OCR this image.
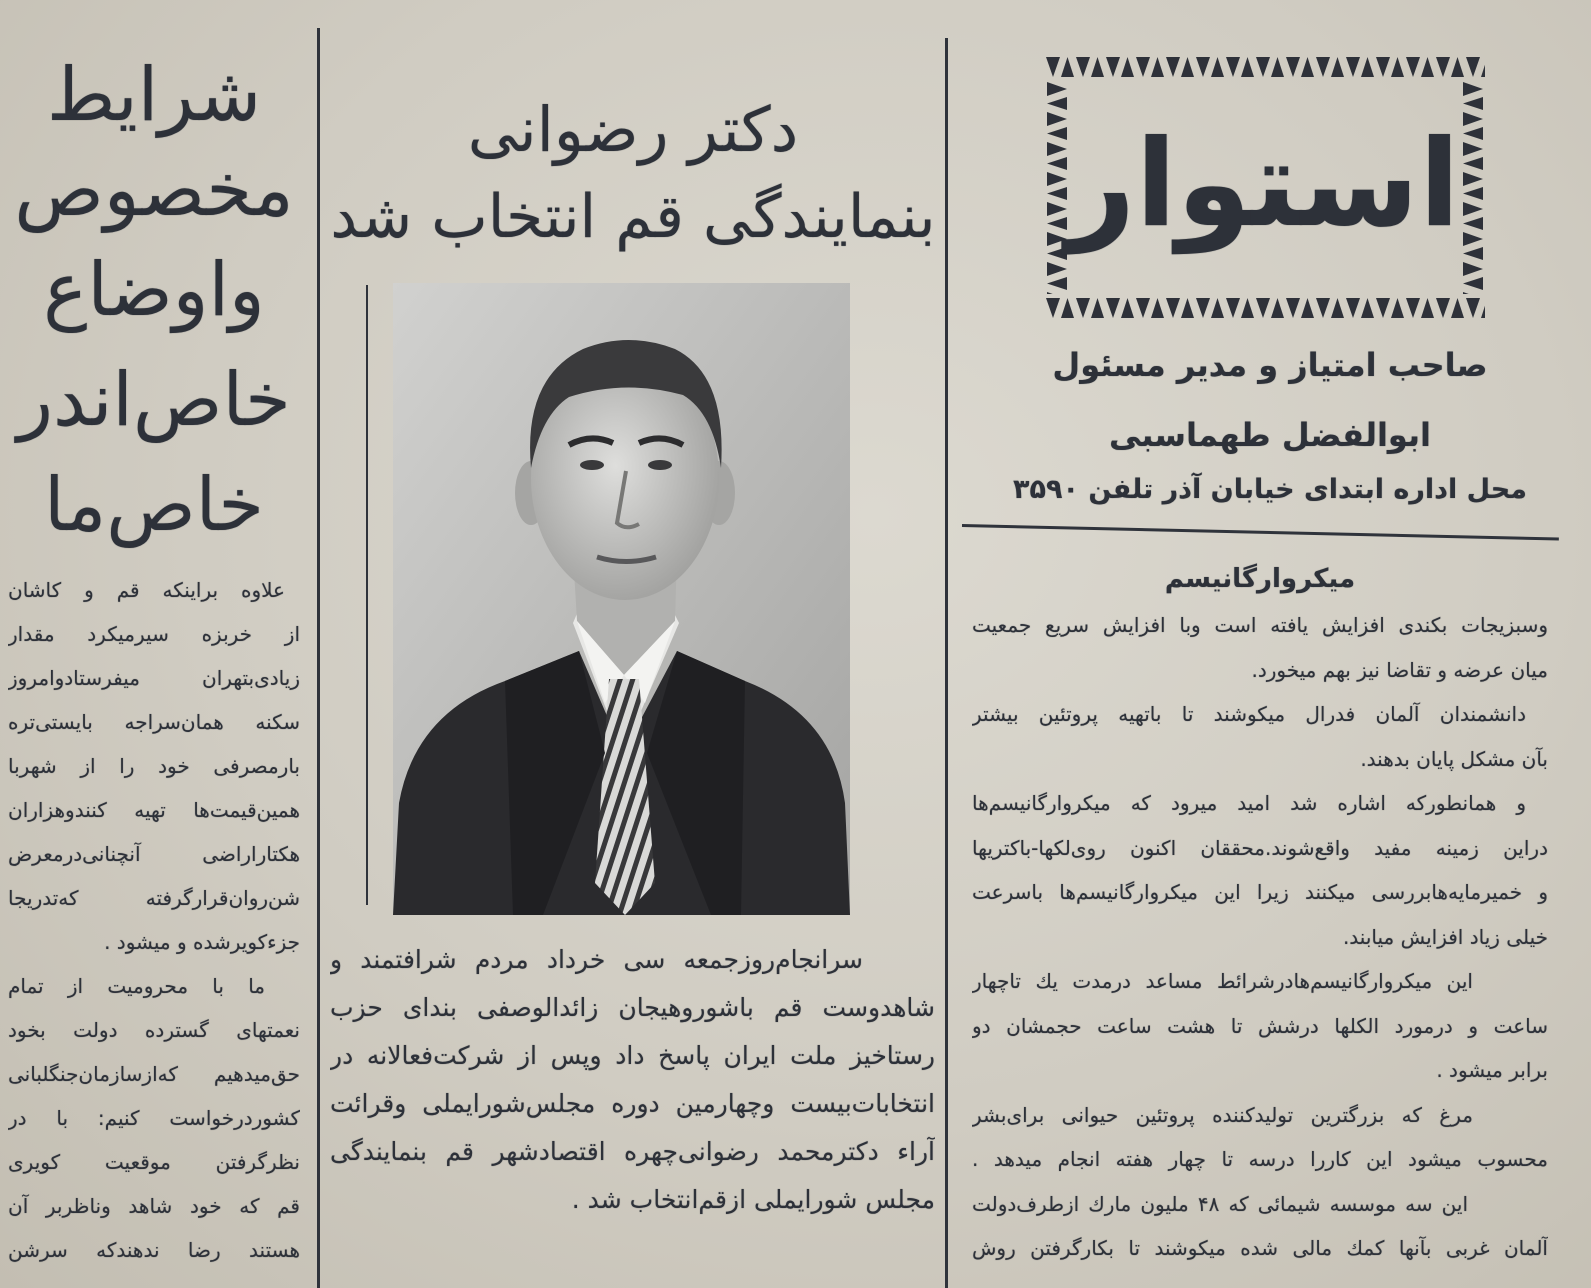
شرایط
مخصوص
واوضاع
خاص‌اندر
خاص‌ما
علاوه براینکه قم و کاشان
از خربزه سیرمیکرد مقدار
زیادی‌بتهران میفرستادوامروز
سکنه همان‌سراجه بایستی‌تره
بارمصرفی خود را از شهربا
همین‌قیمت‌ها تهیه کنندوهزاران
هکتاراراضی آنچنانی‌درمعرض
شن‌روان‌قرارگرفته که‌تدریجا
جزءکویرشده و میشود .
ما با محرومیت از تمام
نعمتهای گسترده دولت بخود
حق‌میدهیم که‌ازسازمان‌جنگلبانی
کشوردرخواست کنیم: با در
نظرگرفتن موقعیت کویری
قم که خود شاهد وناظربر آن
هستند رضا ندهندکه سرشن
دکتر رضوانی
بنمایندگی قم انتخاب شد
سرانجام‌روزجمعه سی خرداد مردم شرافتمند و
شاهدوست قم باشوروهیجان زائدالوصفی بندای حزب
رستاخیز ملت ایران پاسخ داد وپس از شرکت‌فعالانه در
انتخابات‌بیست وچهارمین دوره مجلس‌شورایملی وقرائت
آراء دکترمحمد رضوانی‌چهره اقتصادشهر قم بنمایندگی
مجلس شورایملی ازقم‌انتخاب شد .
استوار
صاحب امتیاز و مدیر مسئول
ابوالفضل طهماسبی
محل اداره ابتدای خیابان آذر تلفن ۳۵۹۰
میکروارگانیسم
وسبزیجات بکندی افزایش یافته است وبا افزایش سریع جمعیت
میان عرضه و تقاضا نیز بهم میخورد.
دانشمندان آلمان فدرال میکوشند تا باتهیه پروتئین بیشتر
بآن مشکل پایان بدهند.
و همانطورکه اشاره شد امید میرود که میکروارگانیسم‌ها
دراین زمینه مفید واقع‌شوند.محققان اکنون روی‌لکها-باکتریها
و خمیرمایه‌هابررسی میکنند زیرا این میکروارگانیسم‌ها باسرعت
خیلی زیاد افزایش میابند.
این میکروارگانیسم‌هادرشرائط مساعد درمدت یك تاچهار
ساعت و درمورد الکلها درشش تا هشت ساعت حجمشان دو
برابر میشود .
مرغ که بزرگترین تولیدکننده پروتئین حیوانی برای‌بشر
محسوب میشود این کاررا درسه تا چهار هفته انجام میدهد .
این سه موسسه شیمائی که ۴۸ ملیون مارك ازطرف‌دولت
آلمان غربی بآنها کمك مالی شده میکوشند تا بکارگرفتن روش
